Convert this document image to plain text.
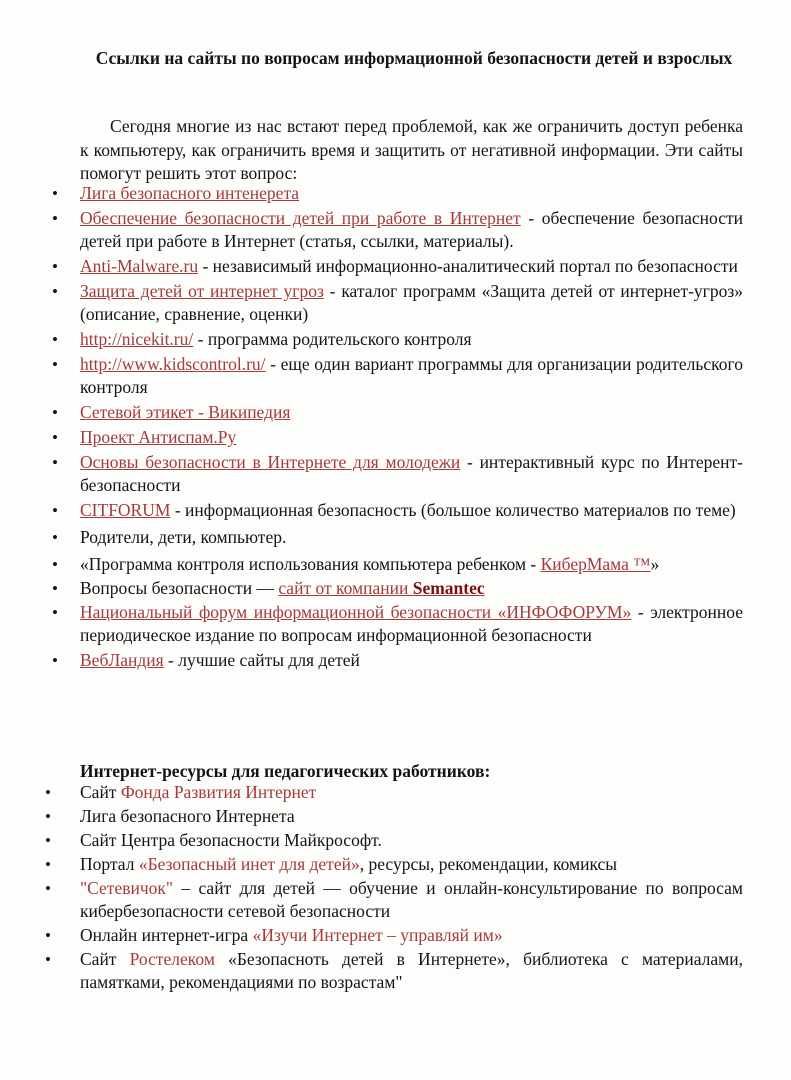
Ссылки на сайты по вопросам информационной безопасности детей и взрослых
Сегодня многие из нас встают перед проблемой, как же ограничить доступ ребенка к компьютеру, как ограничить время и защитить от негативной информации. Эти сайты помогут решить этот вопрос:
• Лига безопасного интенерета
• Обеспечение безопасности детей при работе в Интернет - обеспечение безопасности детей при работе в Интернет (статья, ссылки, материалы).
• Anti-Malware.ru - независимый информационно-аналитический портал по безопасности
• Защита детей от интернет угроз - каталог программ «Защита детей от интернет-угроз» (описание, сравнение, оценки)
• http://nicekit.ru/ - программа родительского контроля
• http://www.kidscontrol.ru/ - еще один вариант программы для организации родительского контроля
• Сетевой этикет - Википедия
• Проект Антиспам.Ру
• Основы безопасности в Интернете для молодежи - интерактивный курс по Интерент-безопасности
• CITFORUM - информационная безопасность (большое количество материалов по теме)
• Родители, дети, компьютер.
• «Программа контроля использования компьютера ребенком - КиберМама ™»
• Вопросы безопасности — сайт от компании Semantec
• Национальный форум информационной безопасности «ИНФОФОРУМ» - электронное периодическое издание по вопросам информационной безопасности
• ВебЛандия - лучшие сайты для детей
Интернет-ресурсы для педагогических работников:
• Сайт Фонда Развития Интернет
• Лига безопасного Интернета
• Сайт Центра безопасности Майкрософт.
• Портал «Безопасный инет для детей», ресурсы, рекомендации, комиксы
• "Сетевичок" – сайт для детей — обучение и онлайн-консультирование по вопросам кибербезопасности сетевой безопасности
• Онлайн интернет-игра «Изучи Интернет – управляй им»
• Сайт Ростелеком «Безопасноть детей в Интернете», библиотека с материалами, памятками, рекомендациями по возрастам"
